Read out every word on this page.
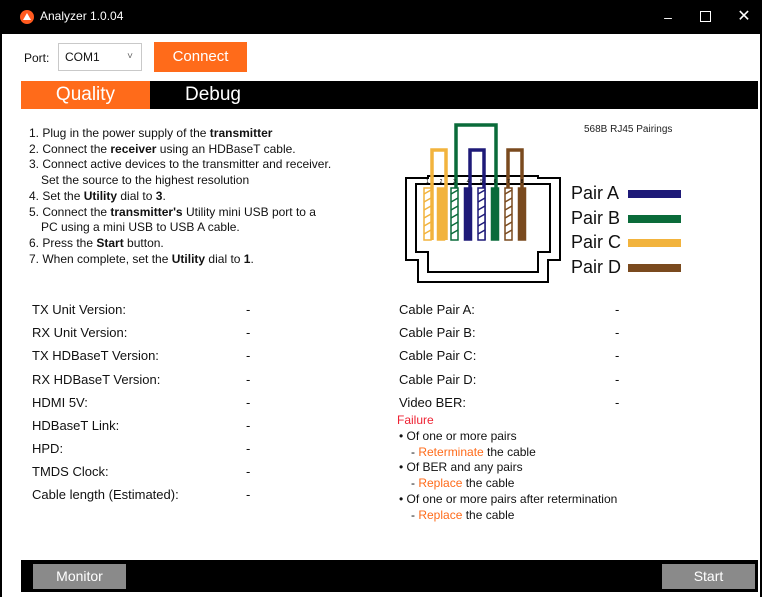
Analyzer 1.0.04	–	✕
Port:	COM1	˅	Connect
Quality	Debug
1. Plug in the power supply of the transmitter
2. Connect the receiver using an HDBaseT cable.
3. Connect active devices to the transmitter and receiver.
Set the source to the highest resolution
4. Set the Utility dial to 3.
5. Connect the transmitter's Utility mini USB port to a
PC using a mini USB to USB A cable.
6. Press the Start button.
7. When complete, set the Utility dial to 1.
568B RJ45 Pairings
1 2 3 4 5 6 7 8
Pair A
Pair B
Pair C
Pair D
TX Unit Version:	-
RX Unit Version:	-
TX HDBaseT Version:	-
RX HDBaseT Version:	-
HDMI 5V:	-
HDBaseT Link:	-
HPD:	-
TMDS Clock:	-
Cable length (Estimated):	-
Cable Pair A:	-
Cable Pair B:	-
Cable Pair C:	-
Cable Pair D:	-
Video BER:	-
Failure
• Of one or more pairs
- Reterminate the cable
• Of BER and any pairs
- Replace the cable
• Of one or more pairs after retermination
- Replace the cable
Monitor	Start
